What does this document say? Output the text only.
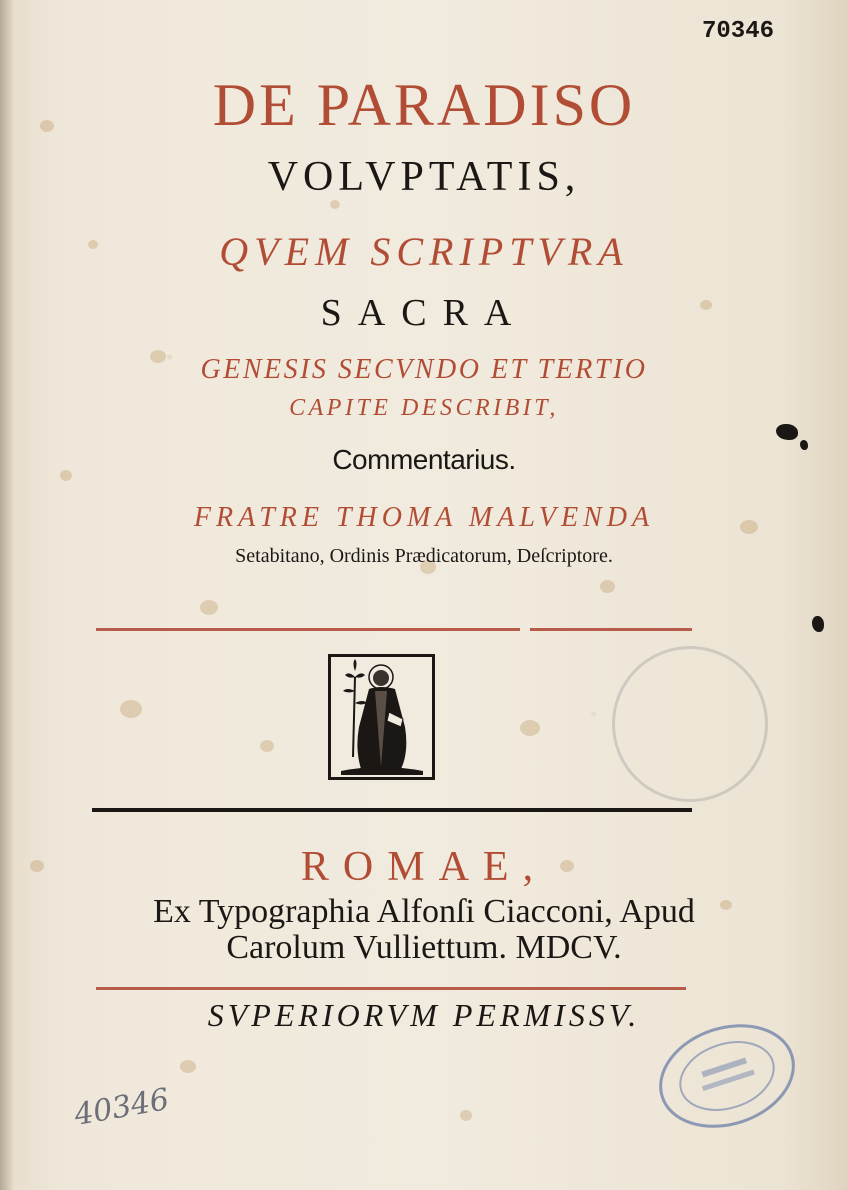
70346
DE PARADISO
VOLVPTATIS,
QVEM SCRIPTVRA
SACRA
GENESIS SECVNDO ET TERTIO
CAPITE DESCRIBIT,
Commentarius.
FRATRE THOMA MALVENDA
Setabitano, Ordinis Prædicatorum, Deſcriptore.
ROMAE,
Ex Typographia Alfonſi Ciacconi, Apud
Carolum Vulliettum. MDCV.
SVPERIORVM PERMISSV.
40346
